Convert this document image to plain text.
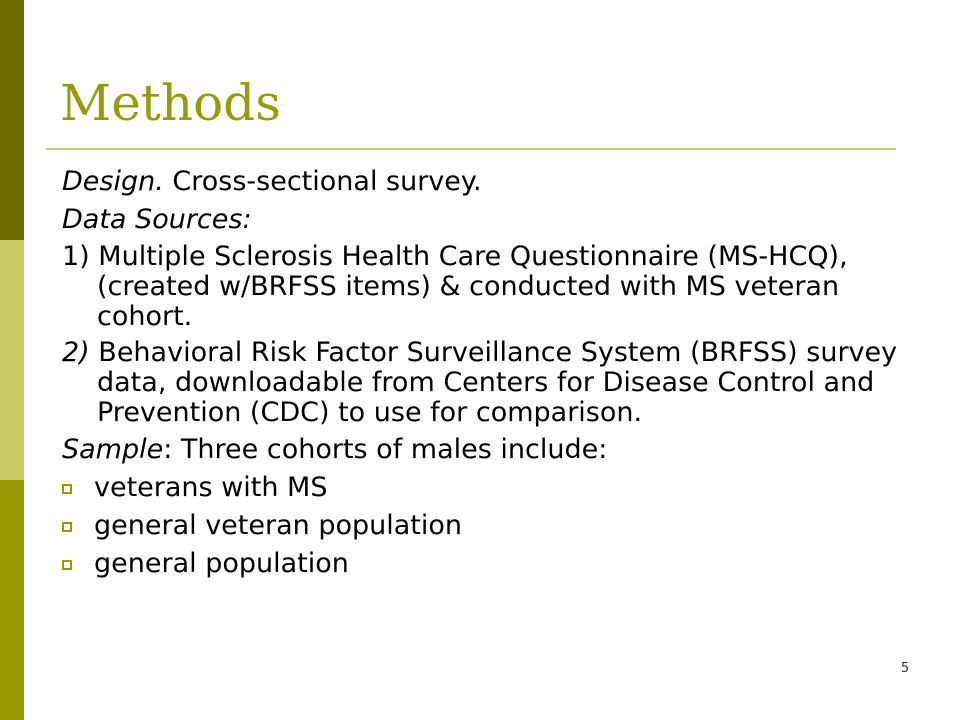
Methods

Design. Cross-sectional survey.

Data Sources:

1) Multiple Sclerosis Health Care Questionnaire (MS-HCQ), (created w/BRFSS items) & conducted with MS veteran cohort.

2) Behavioral Risk Factor Surveillance System (BRFSS) survey data, downloadable from Centers for Disease Control and Prevention (CDC) to use for comparison.

Sample: Three cohorts of males include:

veterans with MS
general veteran population
general population
5
